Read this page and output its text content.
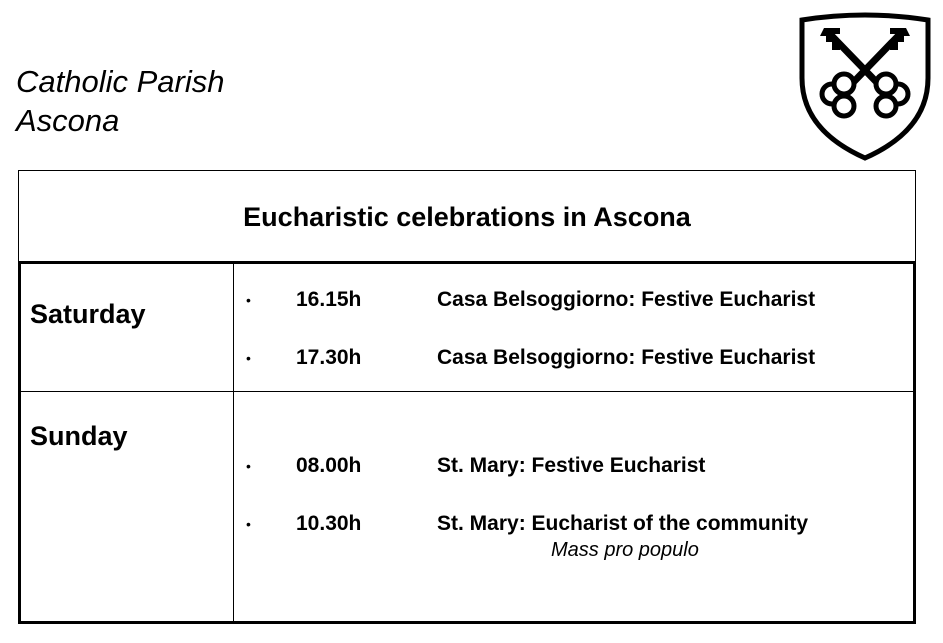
Catholic Parish
Ascona
Eucharistic celebrations in Ascona
Saturday	• 16.15h	Casa Belsoggiorno: Festive Eucharist
• 17.30h	Casa Belsoggiorno: Festive Eucharist
Sunday
• 08.00h	St. Mary: Festive Eucharist
• 10.30h	St. Mary: Eucharist of the community
Mass pro populo
